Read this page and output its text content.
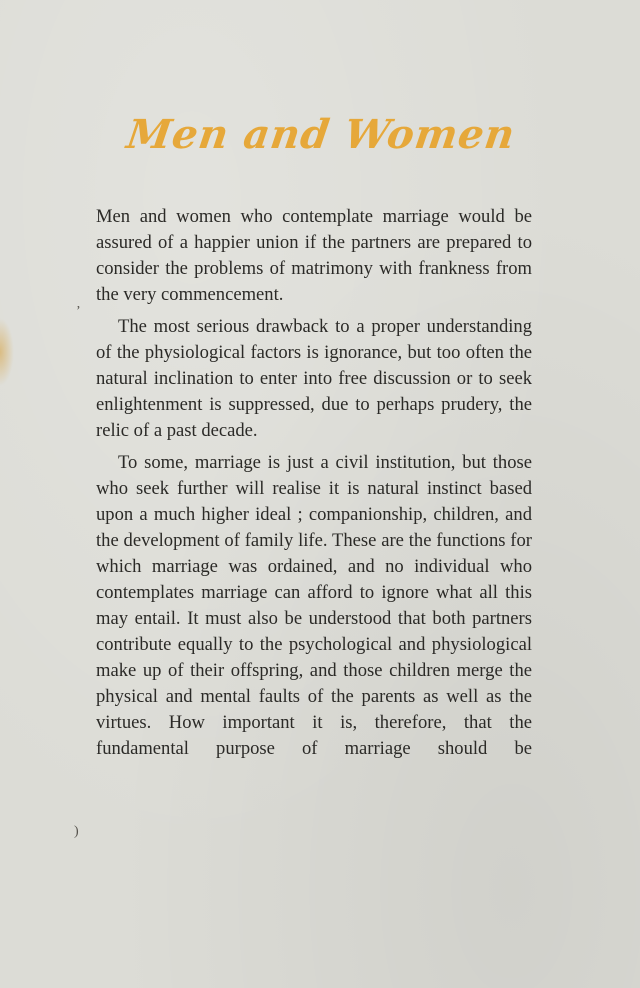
Men and Women

Men and women who contemplate marriage would be assured of a happier union if the partners are prepared to consider the problems of matrimony with frankness from the very commencement.

The most serious drawback to a proper understanding of the physiological factors is ignorance, but too often the natural inclination to enter into free discussion or to seek enlightenment is suppressed, due to perhaps prudery, the relic of a past decade.

To some, marriage is just a civil institution, but those who seek further will realise it is natural instinct based upon a much higher ideal ; companionship, children, and the development of family life. These are the functions for which marriage was ordained, and no individual who contemplates marriage can afford to ignore what all this may entail. It must also be understood that both partners contribute equally to the psychological and physiological make up of their offspring, and those children merge the physical and mental faults of the parents as well as the virtues. How important it is, therefore, that the fundamental purpose of marriage should be

’
)
